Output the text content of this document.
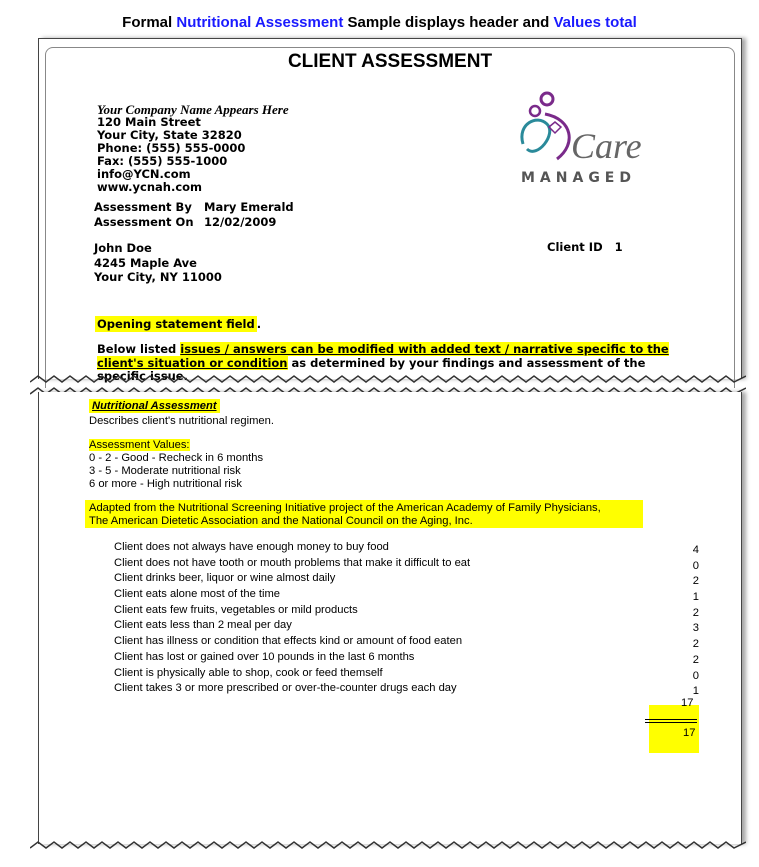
Formal Nutritional Assessment Sample displays header and Values total
CLIENT ASSESSMENT
Your Company Name Appears Here
120 Main Street
Your City, State 32820
Phone: (555) 555-0000
Fax: (555) 555-1000
info@YCN.com
www.ycnah.com
Assessment By Mary Emerald
Assessment On 12/02/2009
John Doe
4245 Maple Ave
Your City, NY 11000
Client ID 1
Care
MANAGED
Opening statement field .
Below listed issues / answers can be modified with added text / narrative specific to the
client's situation or condition as determined by your findings and assessment of the
specific issue.
Nutritional Assessment
Describes client's nutritional regimen.
Assessment Values:
0 - 2 - Good - Recheck in 6 months
3 - 5 - Moderate nutritional risk
6 or more - High nutritional risk
Adapted from the Nutritional Screening Initiative project of the American Academy of Family Physicians,
The American Dietetic Association and the National Council on the Aging, Inc.
Client does not always have enough money to buy food
Client does not have tooth or mouth problems that make it difficult to eat
Client drinks beer, liquor or wine almost daily
Client eats alone most of the time
Client eats few fruits, vegetables or mild products
Client eats less than 2 meal per day
Client has illness or condition that effects kind or amount of food eaten
Client has lost or gained over 10 pounds in the last 6 months
Client is physically able to shop, cook or feed themself
Client takes 3 or more prescribed or over-the-counter drugs each day
4
0
2
1
2
3
2
2
0
1
17
17
